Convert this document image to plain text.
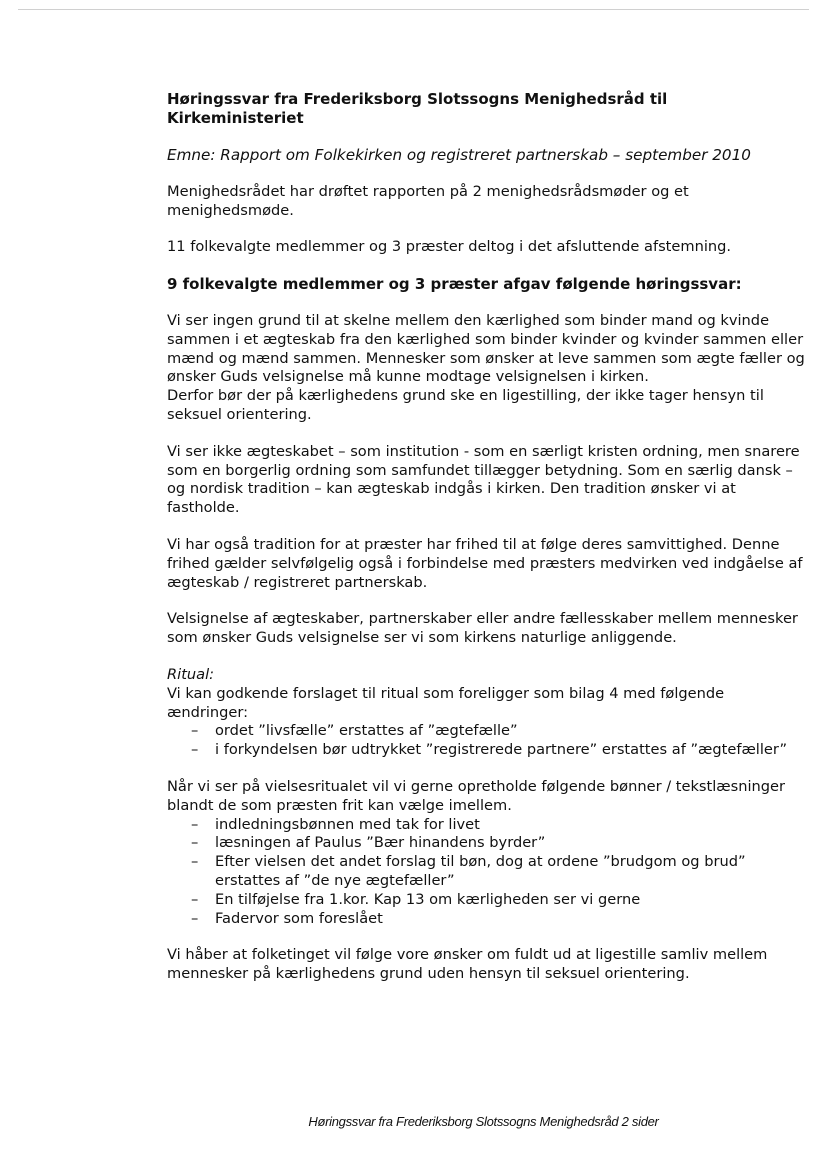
Høringssvar fra Frederiksborg Slotssogns Menighedsråd til Kirkeministeriet
Emne: Rapport om Folkekirken og registreret partnerskab – september 2010

Menighedsrådet har drøftet rapporten på 2 menighedsrådsmøder og et menighedsmøde.

11 folkevalgte medlemmer og 3 præster deltog i det afsluttende afstemning.

9 folkevalgte medlemmer og 3 præster afgav følgende høringssvar:

Vi ser ingen grund til at skelne mellem den kærlighed som binder mand og kvinde sammen i et ægteskab fra den kærlighed som binder kvinder og kvinder sammen eller mænd og mænd sammen. Mennesker som ønsker at leve sammen som ægte fæller og ønsker Guds velsignelse må kunne modtage velsignelsen i kirken.

Derfor bør der på kærlighedens grund ske en ligestilling, der ikke tager hensyn til seksuel orientering.

Vi ser ikke ægteskabet – som institution - som en særligt kristen ordning, men snarere som en borgerlig ordning som samfundet tillægger betydning. Som en særlig dansk – og nordisk tradition – kan ægteskab indgås i kirken. Den tradition ønsker vi at fastholde.

Vi har også tradition for at præster har frihed til at følge deres samvittighed. Denne frihed gælder selvfølgelig også i forbindelse med præsters medvirken ved indgåelse af ægteskab / registreret partnerskab.

Velsignelse af ægteskaber, partnerskaber eller andre fællesskaber mellem mennesker som ønsker Guds velsignelse ser vi som kirkens naturlige anliggende.

Ritual:
Vi kan godkende forslaget til ritual som foreligger som bilag 4 med følgende ændringer:
– ordet ”livsfælle” erstattes af ”ægtefælle”
– i forkyndelsen bør udtrykket ”registrerede partnere” erstattes af ”ægtefæller”
Når vi ser på vielsesritualet vil vi gerne opretholde følgende bønner / tekstlæsninger blandt de som præsten frit kan vælge imellem.
– indledningsbønnen med tak for livet
– læsningen af Paulus ”Bær hinandens byrder”
– Efter vielsen det andet forslag til bøn, dog at ordene ”brudgom og brud” erstattes af ”de nye ægtefæller”
– En tilføjelse fra 1.kor. Kap 13 om kærligheden ser vi gerne
– Fadervor som foreslået

Vi håber at folketinget vil følge vore ønsker om fuldt ud at ligestille samliv mellem mennesker på kærlighedens grund uden hensyn til seksuel orientering.

Høringssvar fra Frederiksborg Slotssogns Menighedsråd 2 sider
